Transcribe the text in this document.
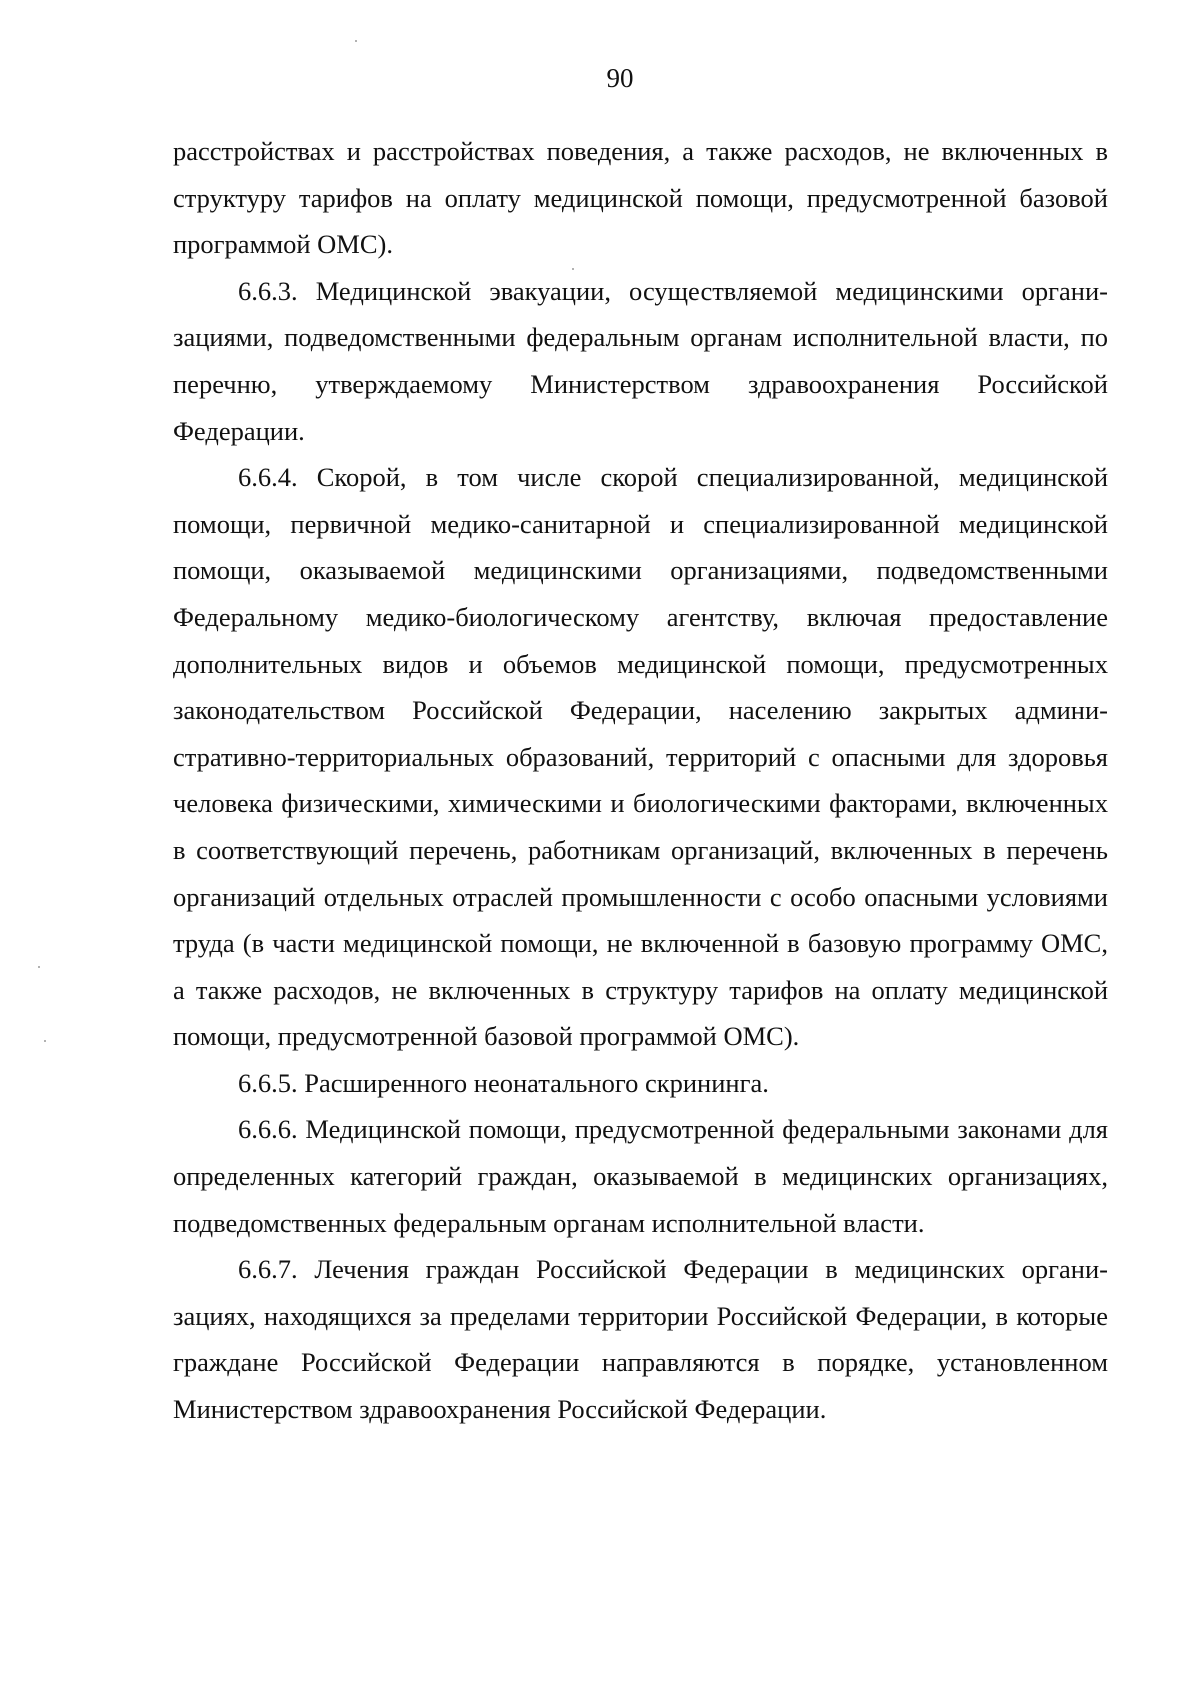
90

расстройствах и расстройствах поведения, а также расходов, не включенных в структуру тарифов на оплату медицинской помощи, предусмотренной базовой программой ОМС).

6.6.3. Медицинской эвакуации, осуществляемой медицинскими организациями, подведомственными федеральным органам исполнительной власти, по перечню, утверждаемому Министерством здравоохранения Российской Федерации.

6.6.4. Скорой, в том числе скорой специализированной, медицинской помощи, первичной медико-санитарной и специализированной медицинской помощи, оказываемой медицинскими организациями, подведомственными Федеральному медико-биологическому агентству, включая предоставление дополнительных видов и объемов медицинской помощи, предусмотренных законодательством Российской Федерации, населению закрытых административно-территориальных образований, территорий с опасными для здоровья человека физическими, химическими и биологическими факторами, включенных в соответствующий перечень, работникам организаций, включенных в перечень организаций отдельных отраслей промышленности с особо опасными условиями труда (в части медицинской помощи, не включенной в базовую программу ОМС, а также расходов, не включенных в структуру тарифов на оплату медицинской помощи, предусмотренной базовой программой ОМС).

6.6.5. Расширенного неонатального скрининга.

6.6.6. Медицинской помощи, предусмотренной федеральными законами для определенных категорий граждан, оказываемой в медицинских организациях, подведомственных федеральным органам исполнительной власти.

6.6.7. Лечения граждан Российской Федерации в медицинских организациях, находящихся за пределами территории Российской Федерации, в которые граждане Российской Федерации направляются в порядке, установленном Министерством здравоохранения Российской Федерации.
